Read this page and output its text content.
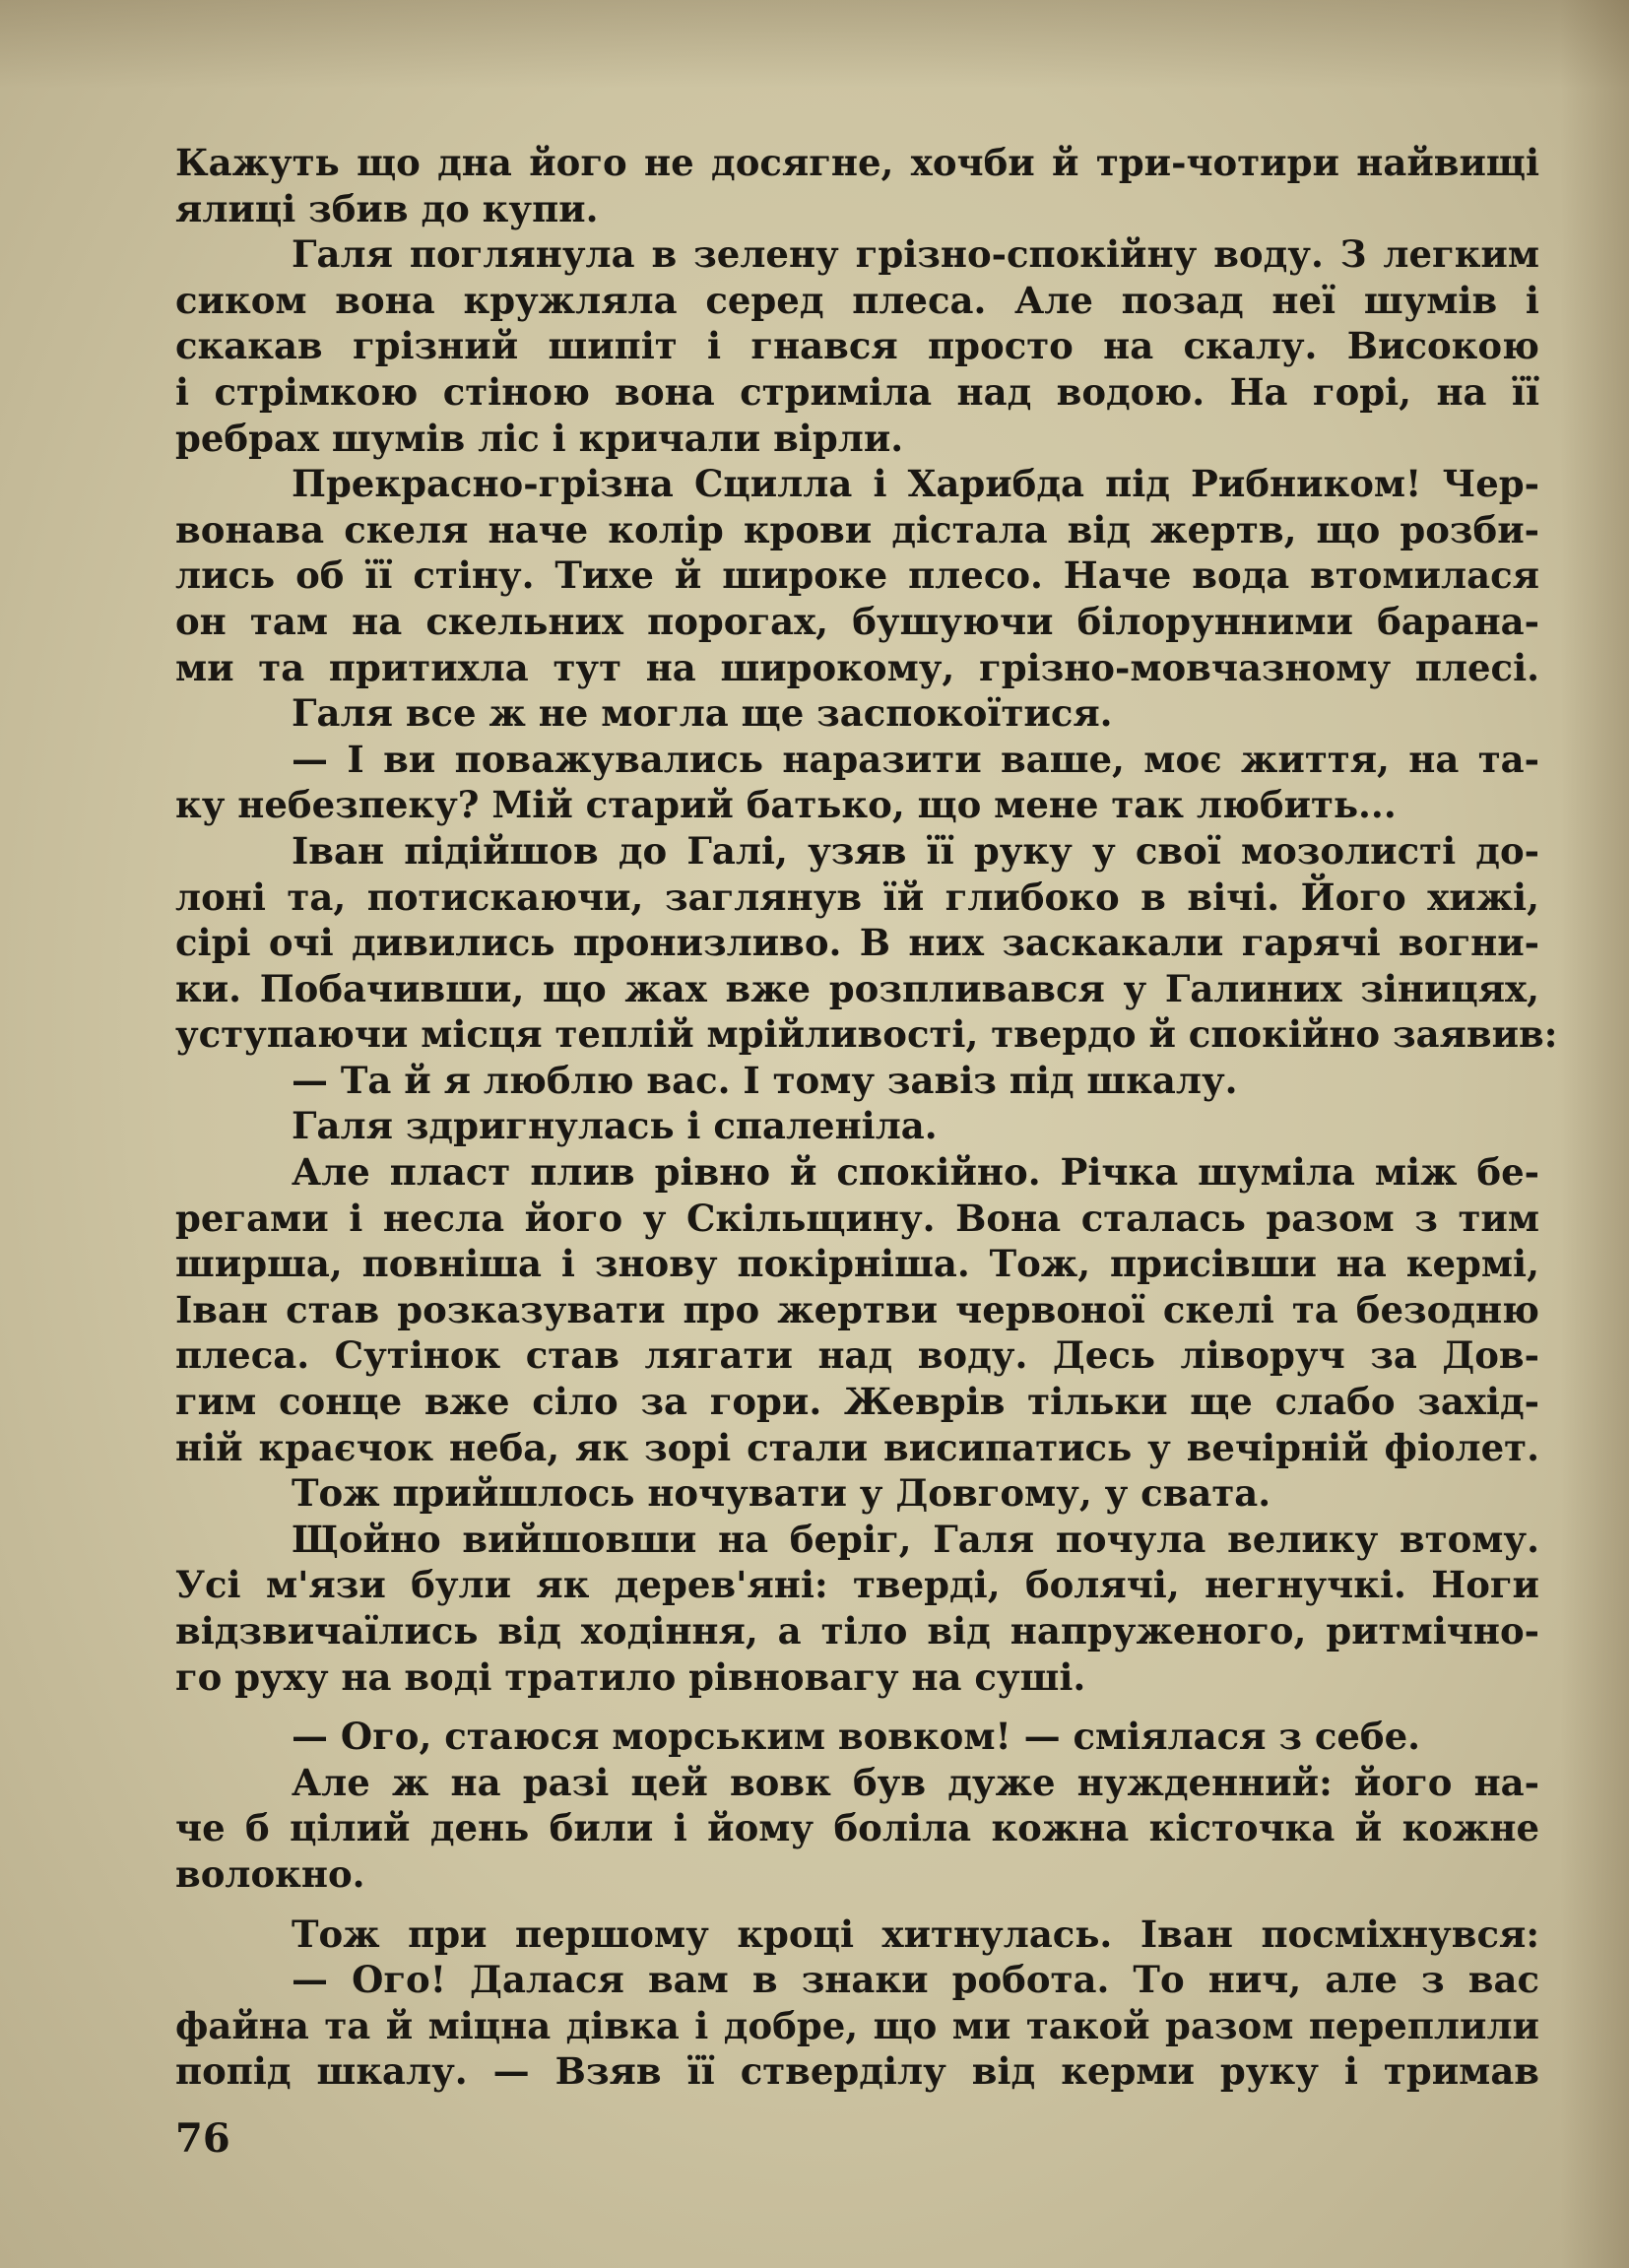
Кажуть що дна його не досягне, хочби й три-чотири найвищі
ялиці збив до купи.
Галя поглянула в зелену грізно-спокійну воду. З легким
сиком вона кружляла серед плеса. Але позад неї шумів і
скакав грізний шипіт і гнався просто на скалу. Високою
і стрімкою стіною вона стриміла над водою. На горі, на її
ребрах шумів ліс і кричали вірли.
Прекрасно-грізна Сцилла і Харибда під Рибником! Чер-
вонава скеля наче колір крови дістала від жертв, що розби-
лись об її стіну. Тихе й широке плесо. Наче вода втомилася
он там на скельних порогах, бушуючи білорунними барана-
ми та притихла тут на широкому, грізно-мовчазному плесі.
Галя все ж не могла ще заспокоїтися.
— І ви поважувались наразити ваше, моє життя, на та-
ку небезпеку? Мій старий батько, що мене так любить...
Іван підійшов до Галі, узяв її руку у свої мозолисті до-
лоні та, потискаючи, заглянув їй глибоко в вічі. Його хижі,
сірі очі дивились пронизливо. В них заскакали гарячі вогни-
ки. Побачивши, що жах вже розпливався у Галиних зіницях,
уступаючи місця теплій мрійливості, твердо й спокійно заявив:
— Та й я люблю вас. І тому завіз під шкалу.
Галя здригнулась і спаленіла.
Але пласт плив рівно й спокійно. Річка шуміла між бе-
регами і несла його у Скільщину. Вона сталась разом з тим
ширша, повніша і знову покірніша. Тож, присівши на кермі,
Іван став розказувати про жертви червоної скелі та безодню
плеса. Сутінок став лягати над воду. Десь ліворуч за Дов-
гим сонце вже сіло за гори. Жеврів тільки ще слабо захід-
ній краєчок неба, як зорі стали висипатись у вечірній фіолет.
Тож прийшлось ночувати у Довгому, у свата.
Щойно вийшовши на беріг, Галя почула велику втому.
Усі м'язи були як дерев'яні: тверді, болячі, негнучкі. Ноги
відзвичаїлись від ходіння, а тіло від напруженого, ритмічно-
го руху на воді тратило рівновагу на суші.
— Ого, стаюся морським вовком! — сміялася з себе.
Але ж на разі цей вовк був дуже нужденний: його на-
че б цілий день били і йому боліла кожна кісточка й кожне
волокно.
Тож при першому кроці хитнулась. Іван посміхнувся:
— Ого! Далася вам в знаки робота. То нич, але з вас
файна та й міцна дівка і добре, що ми такой разом переплили
попід шкалу. — Взяв її стверділу від керми руку і тримав
76
